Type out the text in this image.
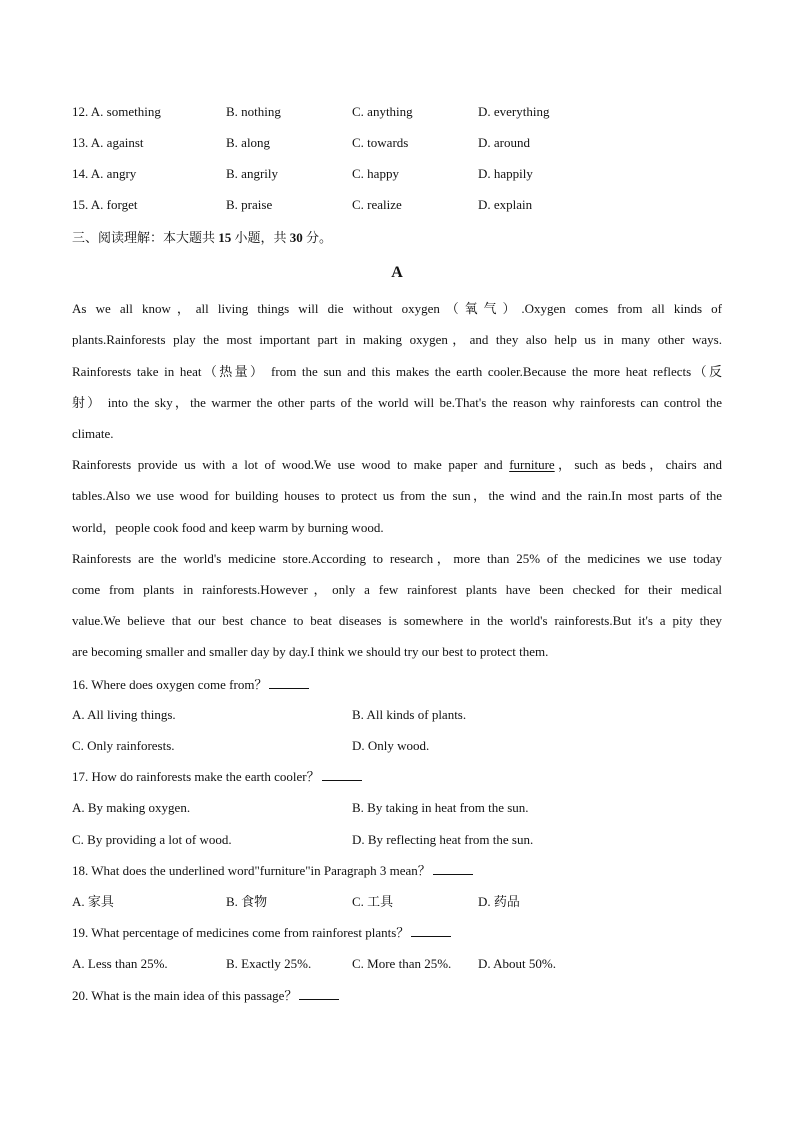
12. A. something	B. nothing	C. anything	D. everything
13. A. against	B. along	C. towards	D. around
14. A. angry	B. angrily	C. happy	D. happily
15. A. forget	B. praise	C. realize	D. explain
三、阅读理解：本大题共 15 小题，共 30 分。
A
As we all know，all living things will die without oxygen（氧气）.Oxygen comes from all kinds of
plants.Rainforests play the most important part in making oxygen，and they also help us in many other ways.
Rainforests take in heat（热量） from the sun and this makes the earth cooler.Because the more heat reflects（反
射） into the sky，the warmer the other parts of the world will be.That's the reason why rainforests can control the
climate.
Rainforests provide us with a lot of wood.We use wood to make paper and furniture，such as beds，chairs and
tables.Also we use wood for building houses to protect us from the sun，the wind and the rain.In most parts of the
world，people cook food and keep warm by burning wood.
Rainforests are the world's medicine store.According to research，more than 25% of the medicines we use today
come from plants in rainforests.However，only a few rainforest plants have been checked for their medical
value.We believe that our best chance to beat diseases is somewhere in the world's rainforests.But it's a pity they
are becoming smaller and smaller day by day.I think we should try our best to protect them.
16. Where does oxygen come from？
A. All living things.	B. All kinds of plants.
C. Only rainforests.	D. Only wood.
17. How do rainforests make the earth cooler？
A. By making oxygen.	B. By taking in heat from the sun.
C. By providing a lot of wood.	D. By reflecting heat from the sun.
18. What does the underlined word"furniture"in Paragraph 3 mean？
A. 家具	B. 食物	C. 工具	D. 药品
19. What percentage of medicines come from rainforest plants？
A. Less than 25%.	B. Exactly 25%.	C. More than 25%. D. About 50%.
20. What is the main idea of this passage？
